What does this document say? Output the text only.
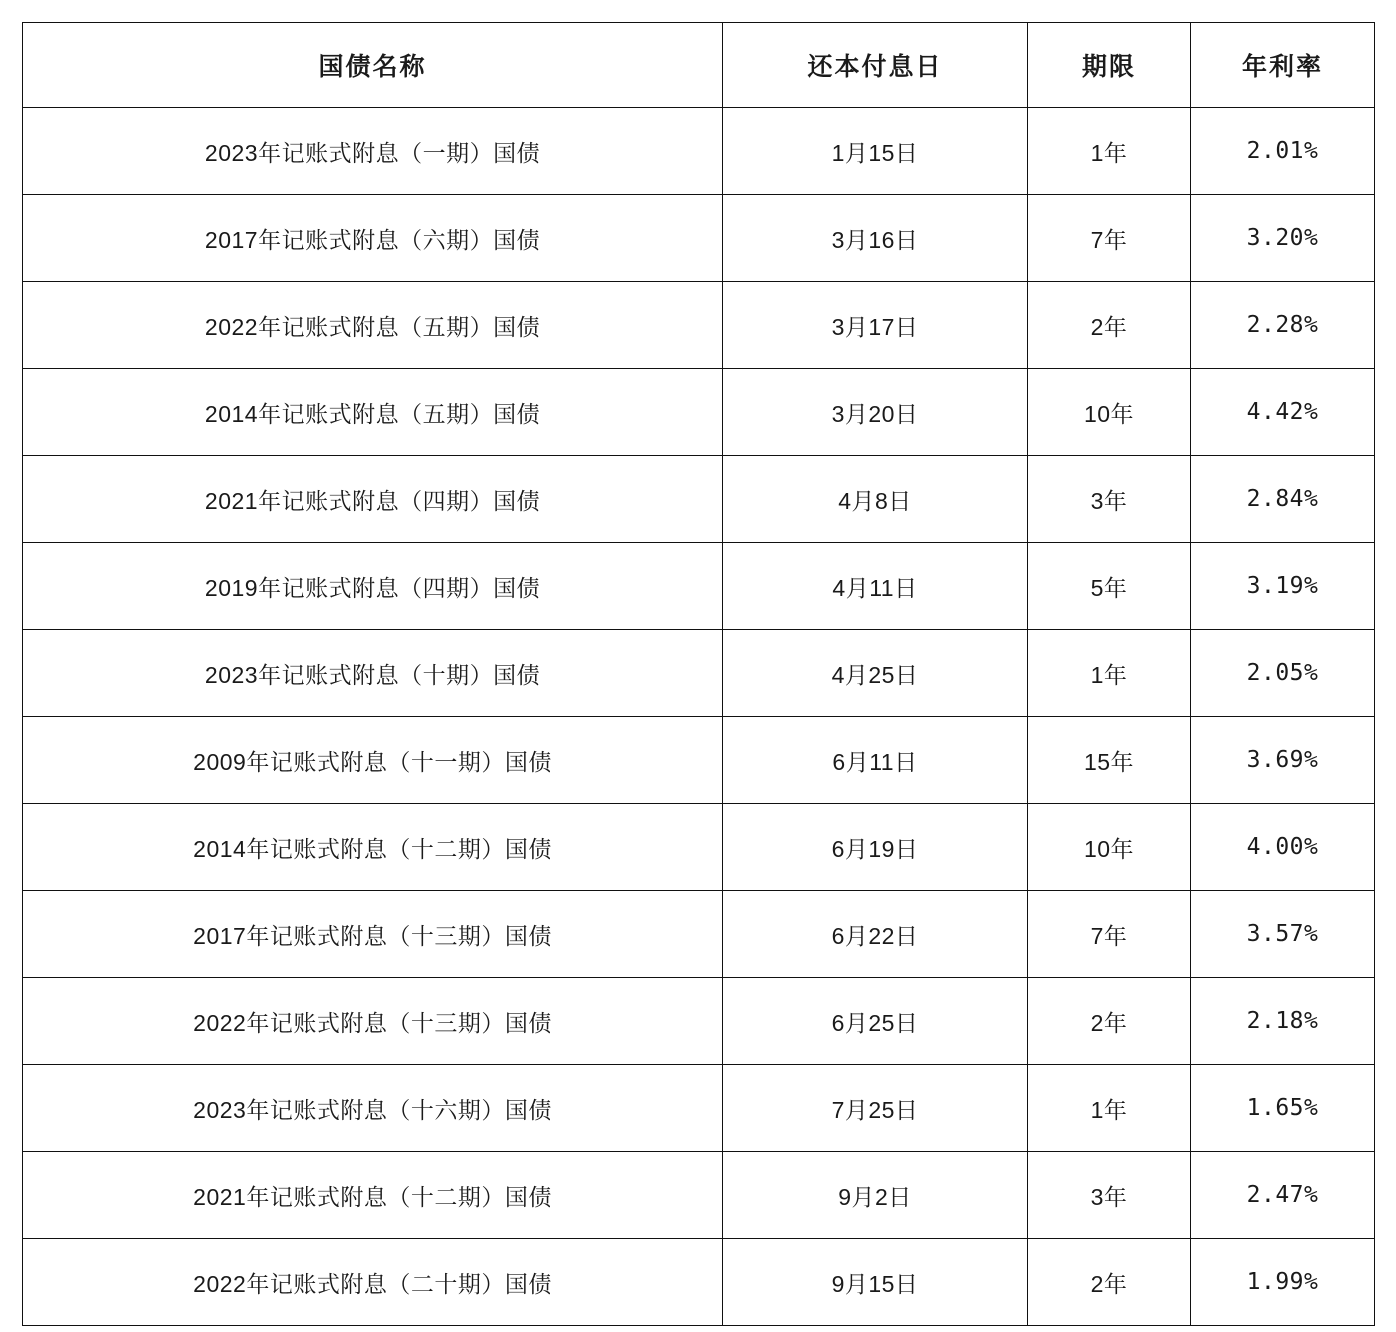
国债名称	还本付息日	期限	年利率
2023年记账式附息（一期）国债	1月15日	1年	2.01%
2017年记账式附息（六期）国债	3月16日	7年	3.20%
2022年记账式附息（五期）国债	3月17日	2年	2.28%
2014年记账式附息（五期）国债	3月20日	10年	4.42%
2021年记账式附息（四期）国债	4月8日	3年	2.84%
2019年记账式附息（四期）国债	4月11日	5年	3.19%
2023年记账式附息（十期）国债	4月25日	1年	2.05%
2009年记账式附息（十一期）国债	6月11日	15年	3.69%
2014年记账式附息（十二期）国债	6月19日	10年	4.00%
2017年记账式附息（十三期）国债	6月22日	7年	3.57%
2022年记账式附息（十三期）国债	6月25日	2年	2.18%
2023年记账式附息（十六期）国债	7月25日	1年	1.65%
2021年记账式附息（十二期）国债	9月2日	3年	2.47%
2022年记账式附息（二十期）国债	9月15日	2年	1.99%
